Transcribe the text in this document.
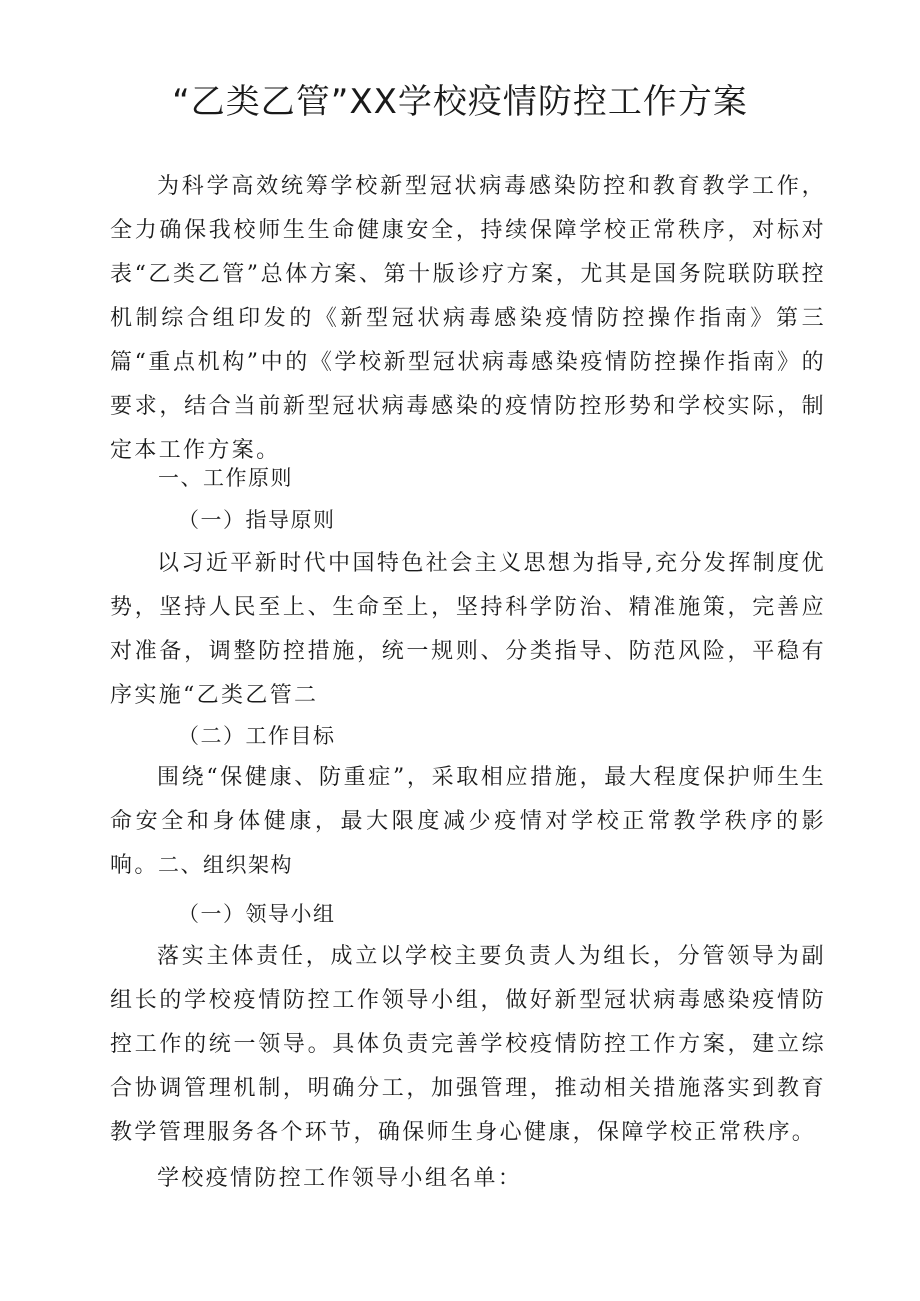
“乙类乙管”XX学校疫情防控工作方案

为科学高效统筹学校新型冠状病毒感染防控和教育教学工作，全力确保我校师生生命健康安全，持续保障学校正常秩序，对标对表“乙类乙管”总体方案、第十版诊疗方案，尤其是国务院联防联控机制综合组印发的《新型冠状病毒感染疫情防控操作指南》第三篇“重点机构”中的《学校新型冠状病毒感染疫情防控操作指南》的要求，结合当前新型冠状病毒感染的疫情防控形势和学校实际，制定本工作方案。

一、工作原则
（一）指导原则

以习近平新时代中国特色社会主义思想为指导,充分发挥制度优势，坚持人民至上、生命至上，坚持科学防治、精准施策，完善应对准备，调整防控措施，统一规则、分类指导、防范风险，平稳有序实施“乙类乙管二

（二）工作目标

围绕“保健康、防重症”，采取相应措施，最大程度保护师生生命安全和身体健康，最大限度减少疫情对学校正常教学秩序的影响。 二、组织架构
（一）领导小组

落实主体责任，成立以学校主要负责人为组长，分管领导为副组长的学校疫情防控工作领导小组，做好新型冠状病毒感染疫情防控工作的统一领导。具体负责完善学校疫情防控工作方案，建立综合协调管理机制，明确分工，加强管理，推动相关措施落实到教育教学管理服务各个环节，确保师生身心健康，保障学校正常秩序。

学校疫情防控工作领导小组名单：
